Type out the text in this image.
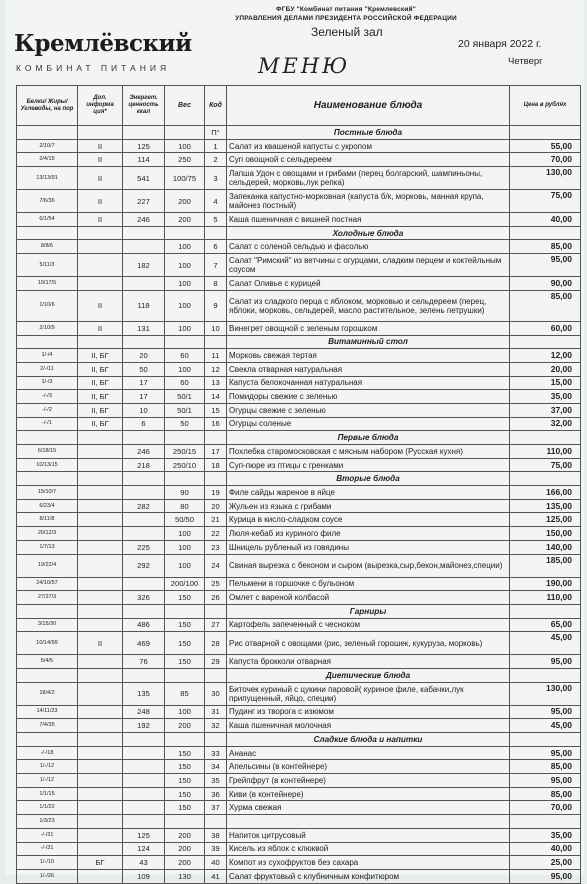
ФГБУ "Комбинат питания "Кремлевский"
УПРАВЛЕНИЯ ДЕЛАМИ ПРЕЗИДЕНТА РОССИЙСКОЙ ФЕДЕРАЦИИ
Кремлёвский
КОМБИНАТ ПИТАНИЯ
Зеленый зал
МЕНЮ
20 января 2022 г.
Четверг
Белки/ Жиры/ Углеводы, на пор	Доп. информа ция*	Энергет. ценность ккал	Вес	Код	Наименование блюда	Цена в рублях
				П°	Постные блюда	
2/10/7	II	125	100	1	Салат из квашеной капусты с укропом	55,00
2/4/15	II	114	250	2	Суп овощной с сельдереем	70,00
13/13/91	II	541	100/75	3	Лапша Удон с овощами и грибами (перец болгарский, шампиньоны, сельдерей, морковь,лук репка)	130,00
7/6/36	II	227	200	4	Запеканка капустно-морковная (капуста б/к, морковь, манная крупа, майонез постный)	75,00
6/1/54	II	246	200	5	Каша пшеничная с вишней постная	40,00
					Холодные блюда	
8/8/6			100	6	Салат с соленой сельдью и фасолью	85,00
5/11/3		182	100	7	Салат "Римский" из ветчины с огурцами, сладким перцем и коктейльным соусом	95,00
10/17/5			100	8	Салат Оливье с курицей	90,00
1/10/6	II	118	100	9	Салат из сладкого перца с яблоком, морковью и сельдереем (перец, яблоки, морковь, сельдерей, масло растительное, зелень петрушки)	85,00
2/10/9	II	131	100	10	Винегрет овощной с зеленым горошком	60,00
					Витаминный стол	
1/-/4	II, БГ	20	60	11	Морковь свежая тертая	12,00
2/-/11	II, БГ	50	100	12	Свекла отварная натуральная	20,00
1/-/3	II, БГ	17	60	13	Капуста белокочанная натуральная	15,00
-/-/3	II, БГ	17	50/1	14	Помидоры свежие с зеленью	35,00
-/-/2	II, БГ	10	50/1	15	Огурцы свежие с зеленью	37,00
-/-/1	II, БГ	6	50	16	Огурцы соленые	32,00
					Первые блюда	
6/18/15		246	250/15	17	Похлебка старомосковская с мясным набором (Русская кухня)	110,00
10/13/15		218	250/10	18	Суп-пюре из птицы с гренками	75,00
					Вторые блюда	
15/10/7			90	19	Филе сайды жареное в яйце	166,00
6/23/4		282	80	20	Жульен из языка с грибами	135,00
8/11/8			50/50	21	Курица в кисло-сладком соусе	125,00
20/12/3			100	22	Люля-кебаб из куриного филе	150,00
1/7/13		225	100	23	Шницель рубленый из говядины	140,00
19/22/4		292	100	24	Свиная вырезка с беконом и сыром (вырезка,сыр,бекон,майонез,специи)	185,00
24/10/57			200/100	25	Пельмени в горшочке с бульоном	190,00
27/27/3		326	150	26	Омлет с вареной колбасой	110,00
					Гарниры	
3/15/30		486	150	27	Картофель запеченный с чесноком	65,00
10/14/99	II	469	150	28	Рис отварной с овощами (рис, зеленый горошек, кукуруза, морковь)	45,00
5/4/5		76	150	29	Капуста брокколи отварная	95,00
					Диетические блюда	
18/4/2		135	85	30	Биточек куриный с цукини паровой( куриное филе, кабачки,лук припущенный, яйцо, специи)	130,00
14/11/23		248	100	31	Пудинг из творога с изюмом	95,00
7/4/35		192	200	32	Каша пшеничная молочная	45,00
					Сладкие блюда и напитки	
-/-/18			150	33	Ананас	95,00
1/-/12			150	34	Апельсины (в контейнере)	85,00
1/-/12			150	35	Грейпфрут (в контейнере)	95,00
1/1/15			150	36	Киви (в контейнере)	85,00
1/1/22			150	37	Хурма свежая	70,00
1/3/23						
-/-/31		125	200	38	Напиток цитрусовый	35,00
-/-/31		124	200	39	Кисель из яблок с клюквой	40,00
1/-/10	БГ	43	200	40	Компот из сухофруктов без сахара	25,00
1/-/26		109	130	41	Салат фруктовый с клубничным конфитюром	95,00
